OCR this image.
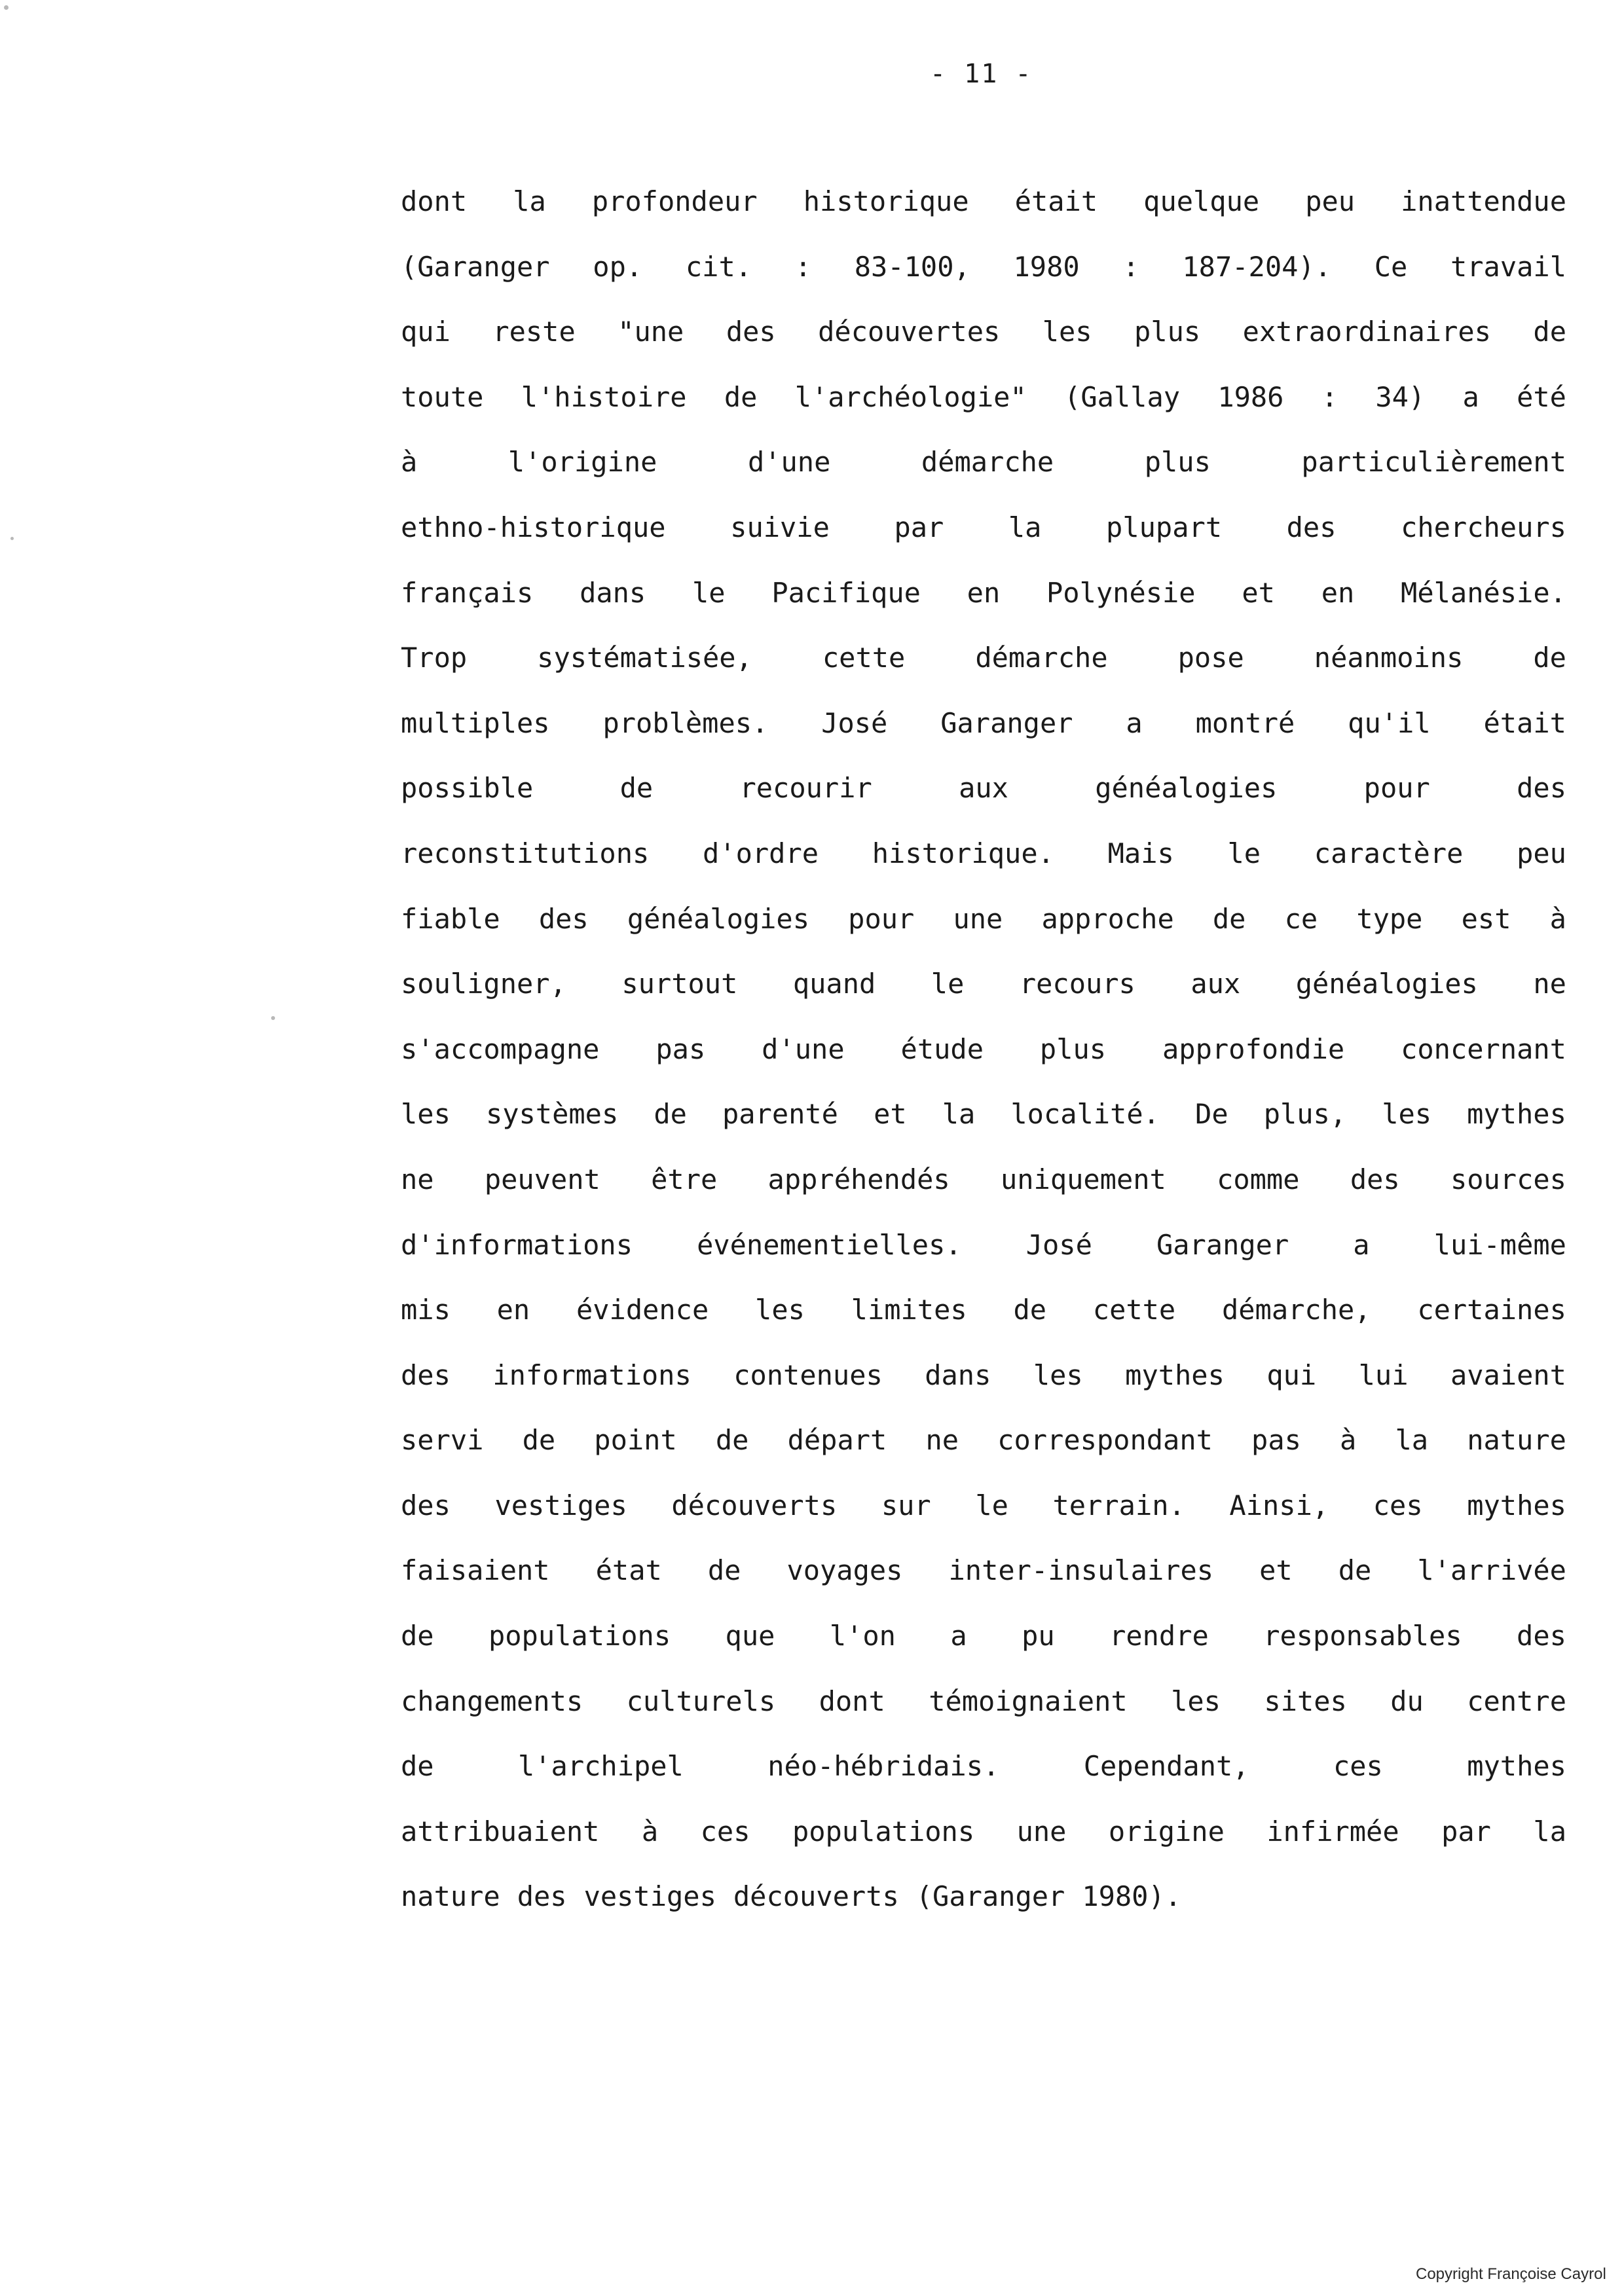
- 11 -
dont la profondeur historique était quelque peu inattendue
(Garanger op. cit. : 83-100, 1980 : 187-204). Ce travail
qui reste "une des découvertes les plus extraordinaires de
toute l'histoire de l'archéologie" (Gallay 1986 : 34) a été
à	l'origine	d'une	démarche	plus	particulièrement
ethno-historique suivie par la plupart des chercheurs
français dans le Pacifique en Polynésie et en Mélanésie.
Trop	systématisée,	cette	démarche	pose	néanmoins	de
multiples problèmes. José Garanger a montré qu'il était
possible	de	recourir	aux	généalogies	pour	des
reconstitutions d'ordre historique. Mais le caractère peu
fiable des généalogies pour une approche de ce type est à
souligner, surtout quand le recours aux généalogies ne
s'accompagne pas d'une étude plus approfondie concernant
les systèmes de parenté et la localité. De plus, les mythes
ne peuvent être appréhendés uniquement comme des sources
d'informations événementielles. José Garanger a lui-même
mis en évidence les limites de cette démarche, certaines
des informations contenues dans les mythes qui lui avaient
servi de point de départ ne correspondant pas à la nature
des vestiges découverts sur le terrain. Ainsi, ces mythes
faisaient état de voyages inter-insulaires et de l'arrivée
de populations que l'on a pu rendre responsables des
changements culturels dont témoignaient les sites du centre
de	l'archipel	néo-hébridais.	Cependant,	ces	mythes
attribuaient à ces populations une origine infirmée par la
nature des vestiges découverts (Garanger 1980).
Copyright Françoise Cayrol
